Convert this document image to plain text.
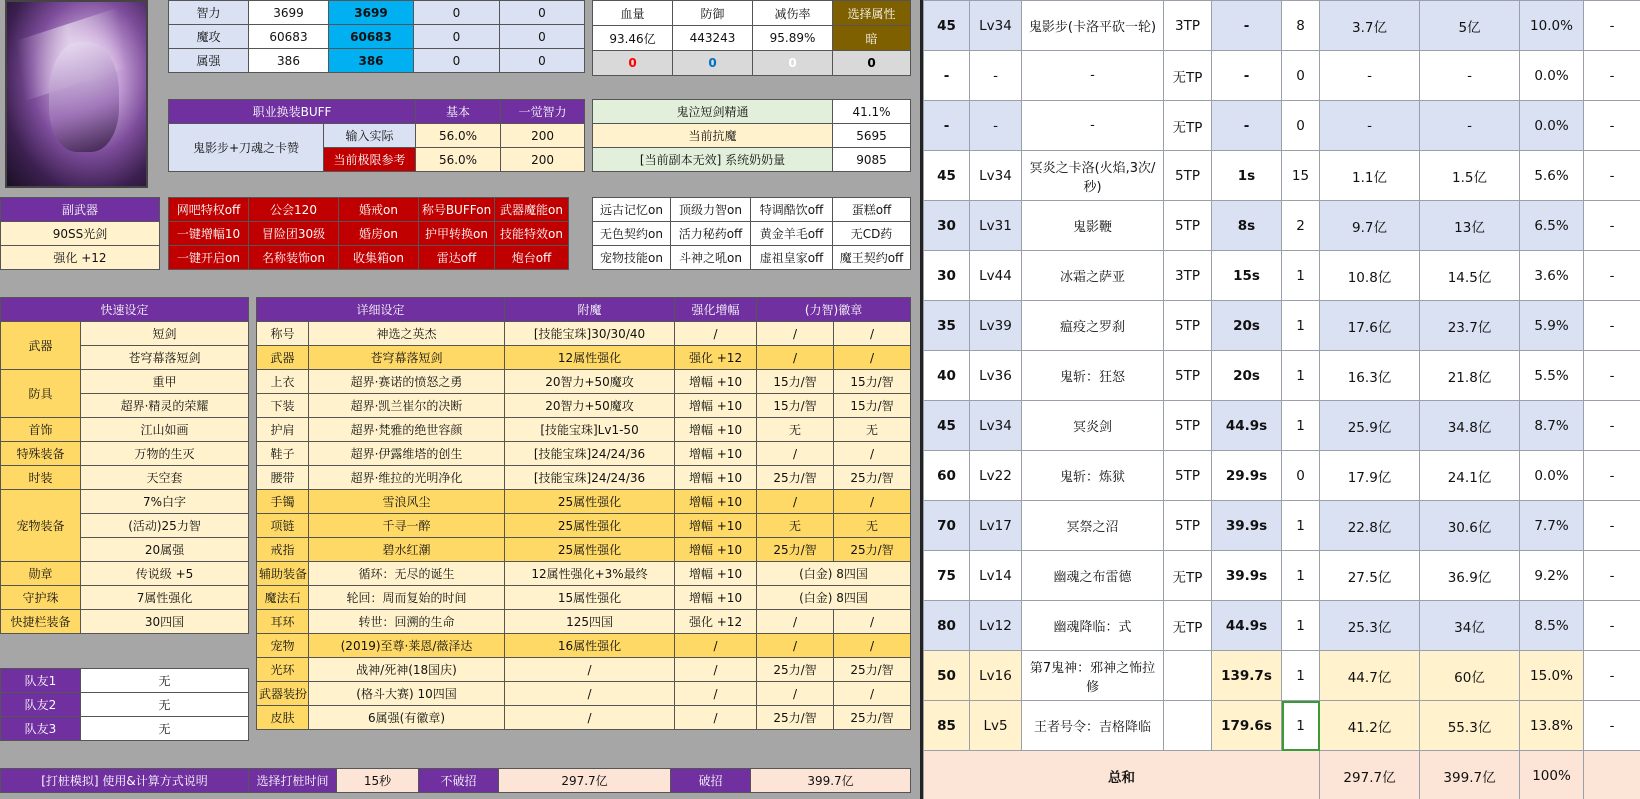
智力	3699	3699	0	0
魔攻	60683	60683	0	0
属强	386	386	0	0
血量	防御	减伤率	选择属性
93.46亿	443243	95.89%	暗
0	0	0	0
职业换装BUFF		基本	一觉智力
鬼影步+刀魂之卡赞	输入实际	56.0%	200
	当前极限参考	56.0%	200
鬼泣短剑精通	41.1%
当前抗魔	5695
[当前副本无效] 系统奶奶量	9085
副武器
90SS光剑
强化 +12
网吧特权off	公会120	婚戒on	称号BUFFon	武器魔能on
一键增幅10	冒险团30级	婚房on	护甲转换on	技能特效on
一键开启on	名称装饰on	收集箱on	雷达off	炮台off
远古记忆on	顶级力智on	特调酷饮off	蛋糕off
无色契约on	活力秘药off	黄金羊毛off	无CD药
宠物技能on	斗神之吼on	虚祖皇家off	魔王契约off
快速设定	
武器	短剑
	苍穹幕落短剑
防具	重甲
	超界·精灵的荣耀
首饰	江山如画
特殊装备	万物的生灭
时装	天空套
宠物装备	7%白字
	(活动)25力智
	20属强
勋章	传说级 +5
守护珠	7属性强化
快捷栏装备	30四国
队友1	无
队友2	无
队友3	无
详细设定		附魔	强化增幅	(力智)徽章	
称号	神选之英杰	[技能宝珠]30/30/40	/	/	/
武器	苍穹幕落短剑	12属性强化	强化 +12	/	/
上衣	超界·赛诺的愤怒之勇	20智力+50魔攻	增幅 +10	15力/智	15力/智
下装	超界·凯兰崔尔的决断	20智力+50魔攻	增幅 +10	15力/智	15力/智
护肩	超界·梵雅的绝世容颜	[技能宝珠]Lv1-50	增幅 +10	无	无
鞋子	超界·伊露维塔的创生	[技能宝珠]24/24/36	增幅 +10	/	/
腰带	超界·维拉的光明净化	[技能宝珠]24/24/36	增幅 +10	25力/智	25力/智
手镯	雪浪风尘	25属性强化	增幅 +10	/	/
项链	千寻一醉	25属性强化	增幅 +10	无	无
戒指	碧水红潮	25属性强化	增幅 +10	25力/智	25力/智
辅助装备	循环：无尽的诞生	12属性强化+3%最终	增幅 +10	(白金) 8四国	
魔法石	轮回：周而复始的时间	15属性强化	增幅 +10	(白金) 8四国	
耳环	转世：回溯的生命	125四国	强化 +12	/	/
宠物	(2019)至尊·莱恩/薇泽达	16属性强化	/	/	/
光环	战神/死神(18国庆)	/	/	25力/智	25力/智
武器装扮	(格斗大赛) 10四国	/	/	/	/
皮肤	6属强(有徽章)	/	/	25力/智	25力/智
[打桩模拟] 使用&计算方式说明	选择打桩时间	15秒	不破招	297.7亿	破招	399.7亿
45	Lv34	鬼影步(卡洛平砍一轮)	3TP	-	8	3.7亿	5亿	10.0%	-
-	-	-	无TP	-	0	-	-	0.0%	-
-	-	-	无TP	-	0	-	-	0.0%	-
45	Lv34	冥炎之卡洛(火焰,3次/秒)	5TP	1s	15	1.1亿	1.5亿	5.6%	-
30	Lv31	鬼影鞭	5TP	8s	2	9.7亿	13亿	6.5%	-
30	Lv44	冰霜之萨亚	3TP	15s	1	10.8亿	14.5亿	3.6%	-
35	Lv39	瘟疫之罗刹	5TP	20s	1	17.6亿	23.7亿	5.9%	-
40	Lv36	鬼斩：狂怒	5TP	20s	1	16.3亿	21.8亿	5.5%	-
45	Lv34	冥炎剑	5TP	44.9s	1	25.9亿	34.8亿	8.7%	-
60	Lv22	鬼斩：炼狱	5TP	29.9s	0	17.9亿	24.1亿	0.0%	-
70	Lv17	冥祭之沼	5TP	39.9s	1	22.8亿	30.6亿	7.7%	-
75	Lv14	幽魂之布雷德	无TP	39.9s	1	27.5亿	36.9亿	9.2%	-
80	Lv12	幽魂降临：式	无TP	44.9s	1	25.3亿	34亿	8.5%	-
50	Lv16	第7鬼神：邪神之怖拉修		139.7s	1	44.7亿	60亿	15.0%	-
85	Lv5	王者号令：吉格降临		179.6s	1	41.2亿	55.3亿	13.8%	-
总和						297.7亿	399.7亿	100%	
